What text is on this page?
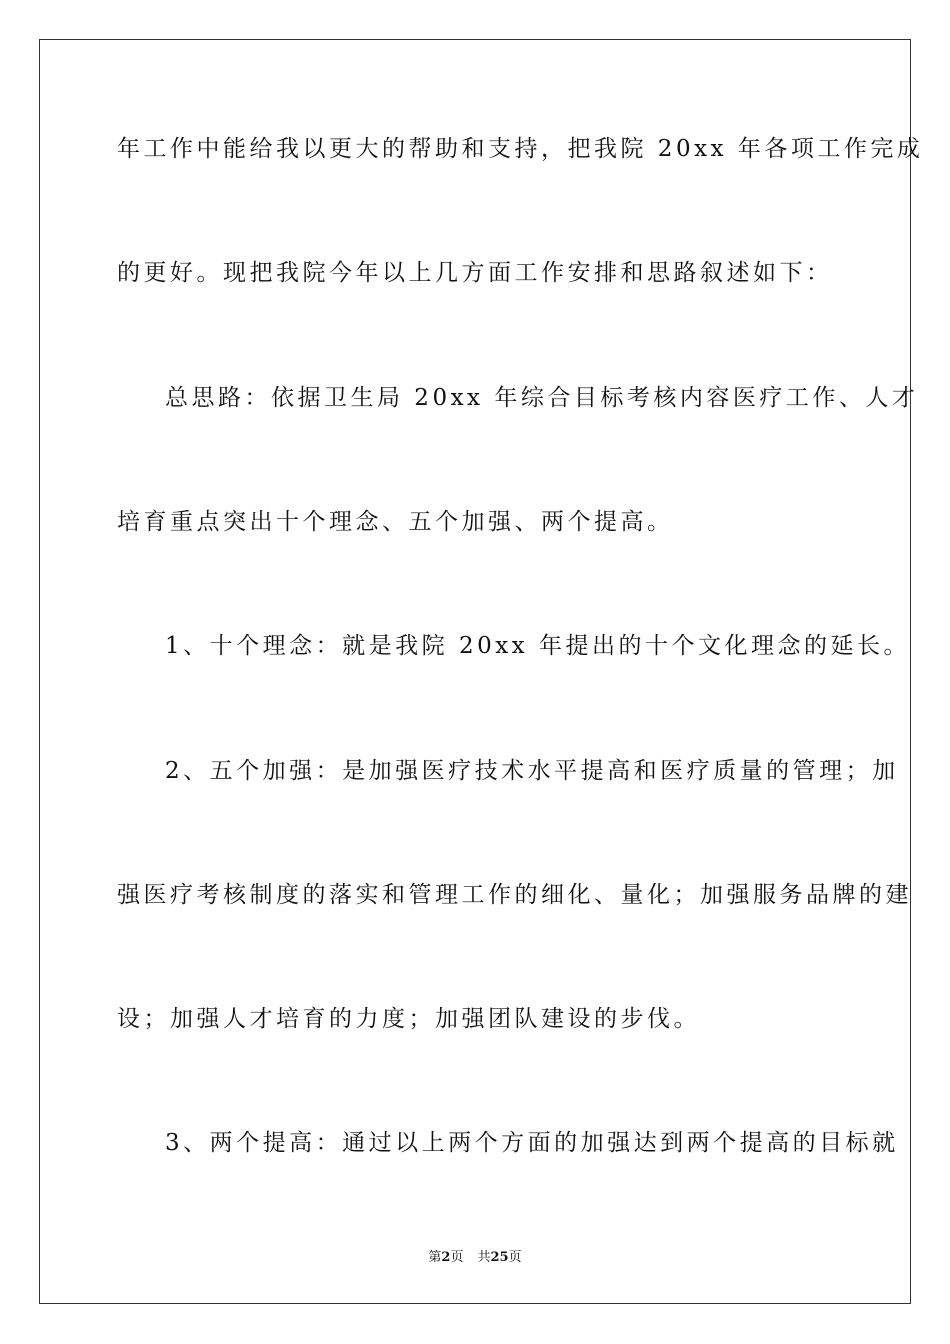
年工作中能给我以更大的帮助和支持，把我院 20xx 年各项工作完成
的更好。现把我院今年以上几方面工作安排和思路叙述如下：
总思路：依据卫生局 20xx 年综合目标考核内容医疗工作、人才
培育重点突出十个理念、五个加强、两个提高。
1、十个理念：就是我院 20xx 年提出的十个文化理念的延长。
2、五个加强：是加强医疗技术水平提高和医疗质量的管理；加
强医疗考核制度的落实和管理工作的细化、量化；加强服务品牌的建
设；加强人才培育的力度；加强团队建设的步伐。
3、两个提高：通过以上两个方面的加强达到两个提高的目标就
第2页 共25页
